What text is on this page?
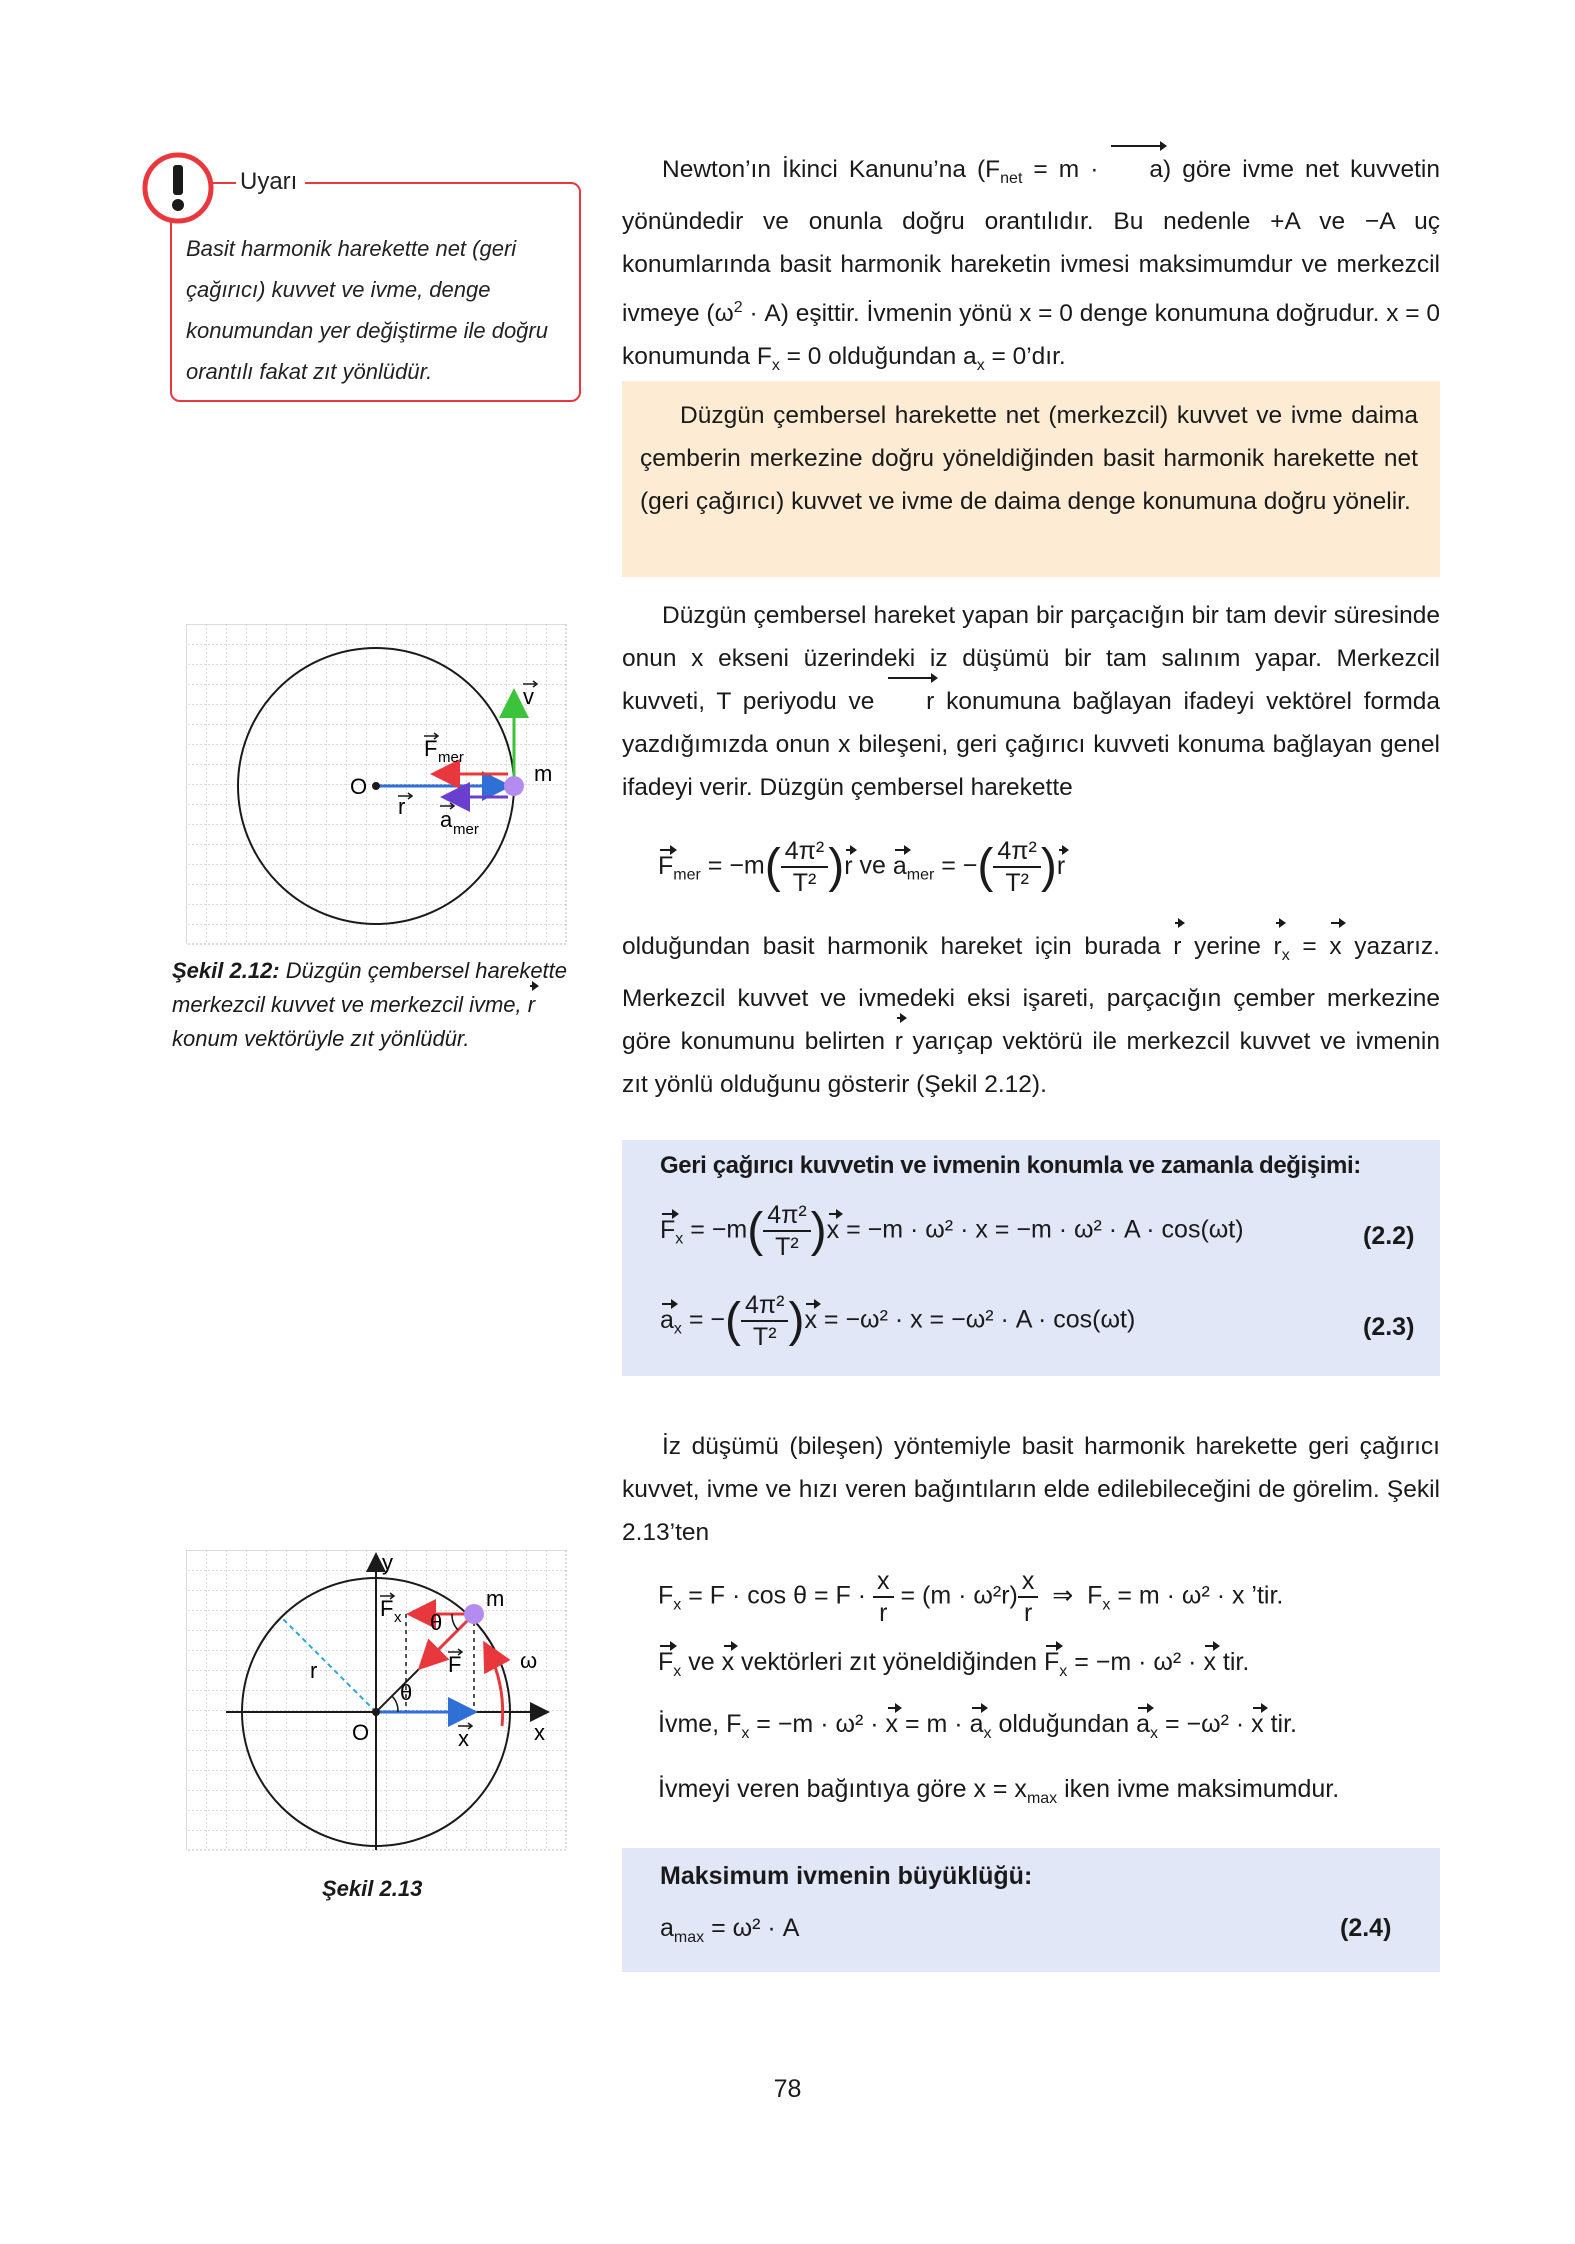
Uyarı
Basit harmonik harekette net (geri çağırıcı) kuvvet ve ivme, denge konumundan yer değiştirme ile doğru orantılı fakat zıt yönlüdür.

Newton’ın İkinci Kanunu’na $(F_{net} = m \cdot a)$ göre ivme net kuvvetin yönündedir ve onunla doğru orantılıdır. Bu nedenle +A ve −A uç konumlarında basit harmonik hareketin ivmesi maksimumdur ve merkezcil ivmeye $(\omega^2 \cdot A)$ eşittir. İvmenin yönü x = 0 denge konumuna doğrudur. x = 0 konumunda $F_x = 0$ olduğundan $a_x$ = 0’dır.

Düzgün çembersel harekette net (merkezcil) kuvvet ve ivme daima çemberin merkezine doğru yöneldiğinden basit harmonik harekette net (geri çağırıcı) kuvvet ve ivme de daima denge konumuna doğru yönelir.

Düzgün çembersel hareket yapan bir parçacığın bir tam devir süresinde onun x ekseni üzerindeki iz düşümü bir tam salınım yapar. Merkezcil kuvveti, T periyodu ve r konumuna bağlayan ifadeyi vektörel formda yazdığımızda onun x bileşeni, geri çağırıcı kuvveti konuma bağlayan genel ifadeyi verir. Düzgün çembersel harekette

$F_{mer} = -m( \frac{\text{4π²}}{\text{T²}} )r$ ve $a_{mer}$ = −( $\frac{\text{4π²}}{\text{T²}} )r$

olduğundan basit harmonik hareket için burada r yerine $r_x = x$ yazarız. Merkezcil kuvvet ve ivmedeki eksi işareti, parçacığın çember merkezine göre konumunu belirten r yarıçap vektörü ile merkezcil kuvvet ve ivmenin zıt yönlü olduğunu gösterir (Şekil 2.12).

Geri çağırıcı kuvvetin ve ivmenin konumla ve zamanla değişimi:
$F_x = -m( \frac{\text{4π²}}{\text{T²}} )x = -m \cdot \omega^2 \cdot x = -m \cdot \omega^2 \cdot A \cdot \cos(\omega t)$	(2.2)
$a_x$ = −( $\frac{\text{4π²}}{\text{T²}} )x = -\omega^2 \cdot x = -\omega^2 \cdot A \cdot \cos(\omega t)$	(2.3)

İz düşümü (bileşen) yöntemiyle basit harmonik harekette geri çağırıcı kuvvet, ivme ve hızı veren bağıntıların elde edilebileceğini de görelim. Şekil 2.13’ten

$F_x = F \cdot \cos \theta = F \cdot \frac{x}{r} = (m \cdot \omega^2r) \frac{x}{r}$ ⇒  $F_x = m \cdot \omega^2 \cdot x$ ’tir.
$F_x$ ve x vektörleri zıt yöneldiğinden $F_x = -m \cdot \omega^2 \cdot x$ tir.
İvme, $F_x = -m \cdot \omega^2 \cdot x = m \cdot a_x$ olduğundan $a_x = -\omega^2 \cdot x$ tir.
İvmeyi veren bağıntıya göre $x = x_{max}$ iken ivme maksimumdur.
Maksimum ivmenin büyüklüğü:
$a_{max} = \omega^2 \cdot A$	(2.4)
O
r
v
m
F mer
a mer
Şekil 2.12: Düzgün çembersel harekette merkezcil kuvvet ve merkezcil ivme, r konum vektörüyle zıt yönlüdür.
y
x
O
r
m
θ
θ
ω
F
F x
x
Şekil 2.13
78
